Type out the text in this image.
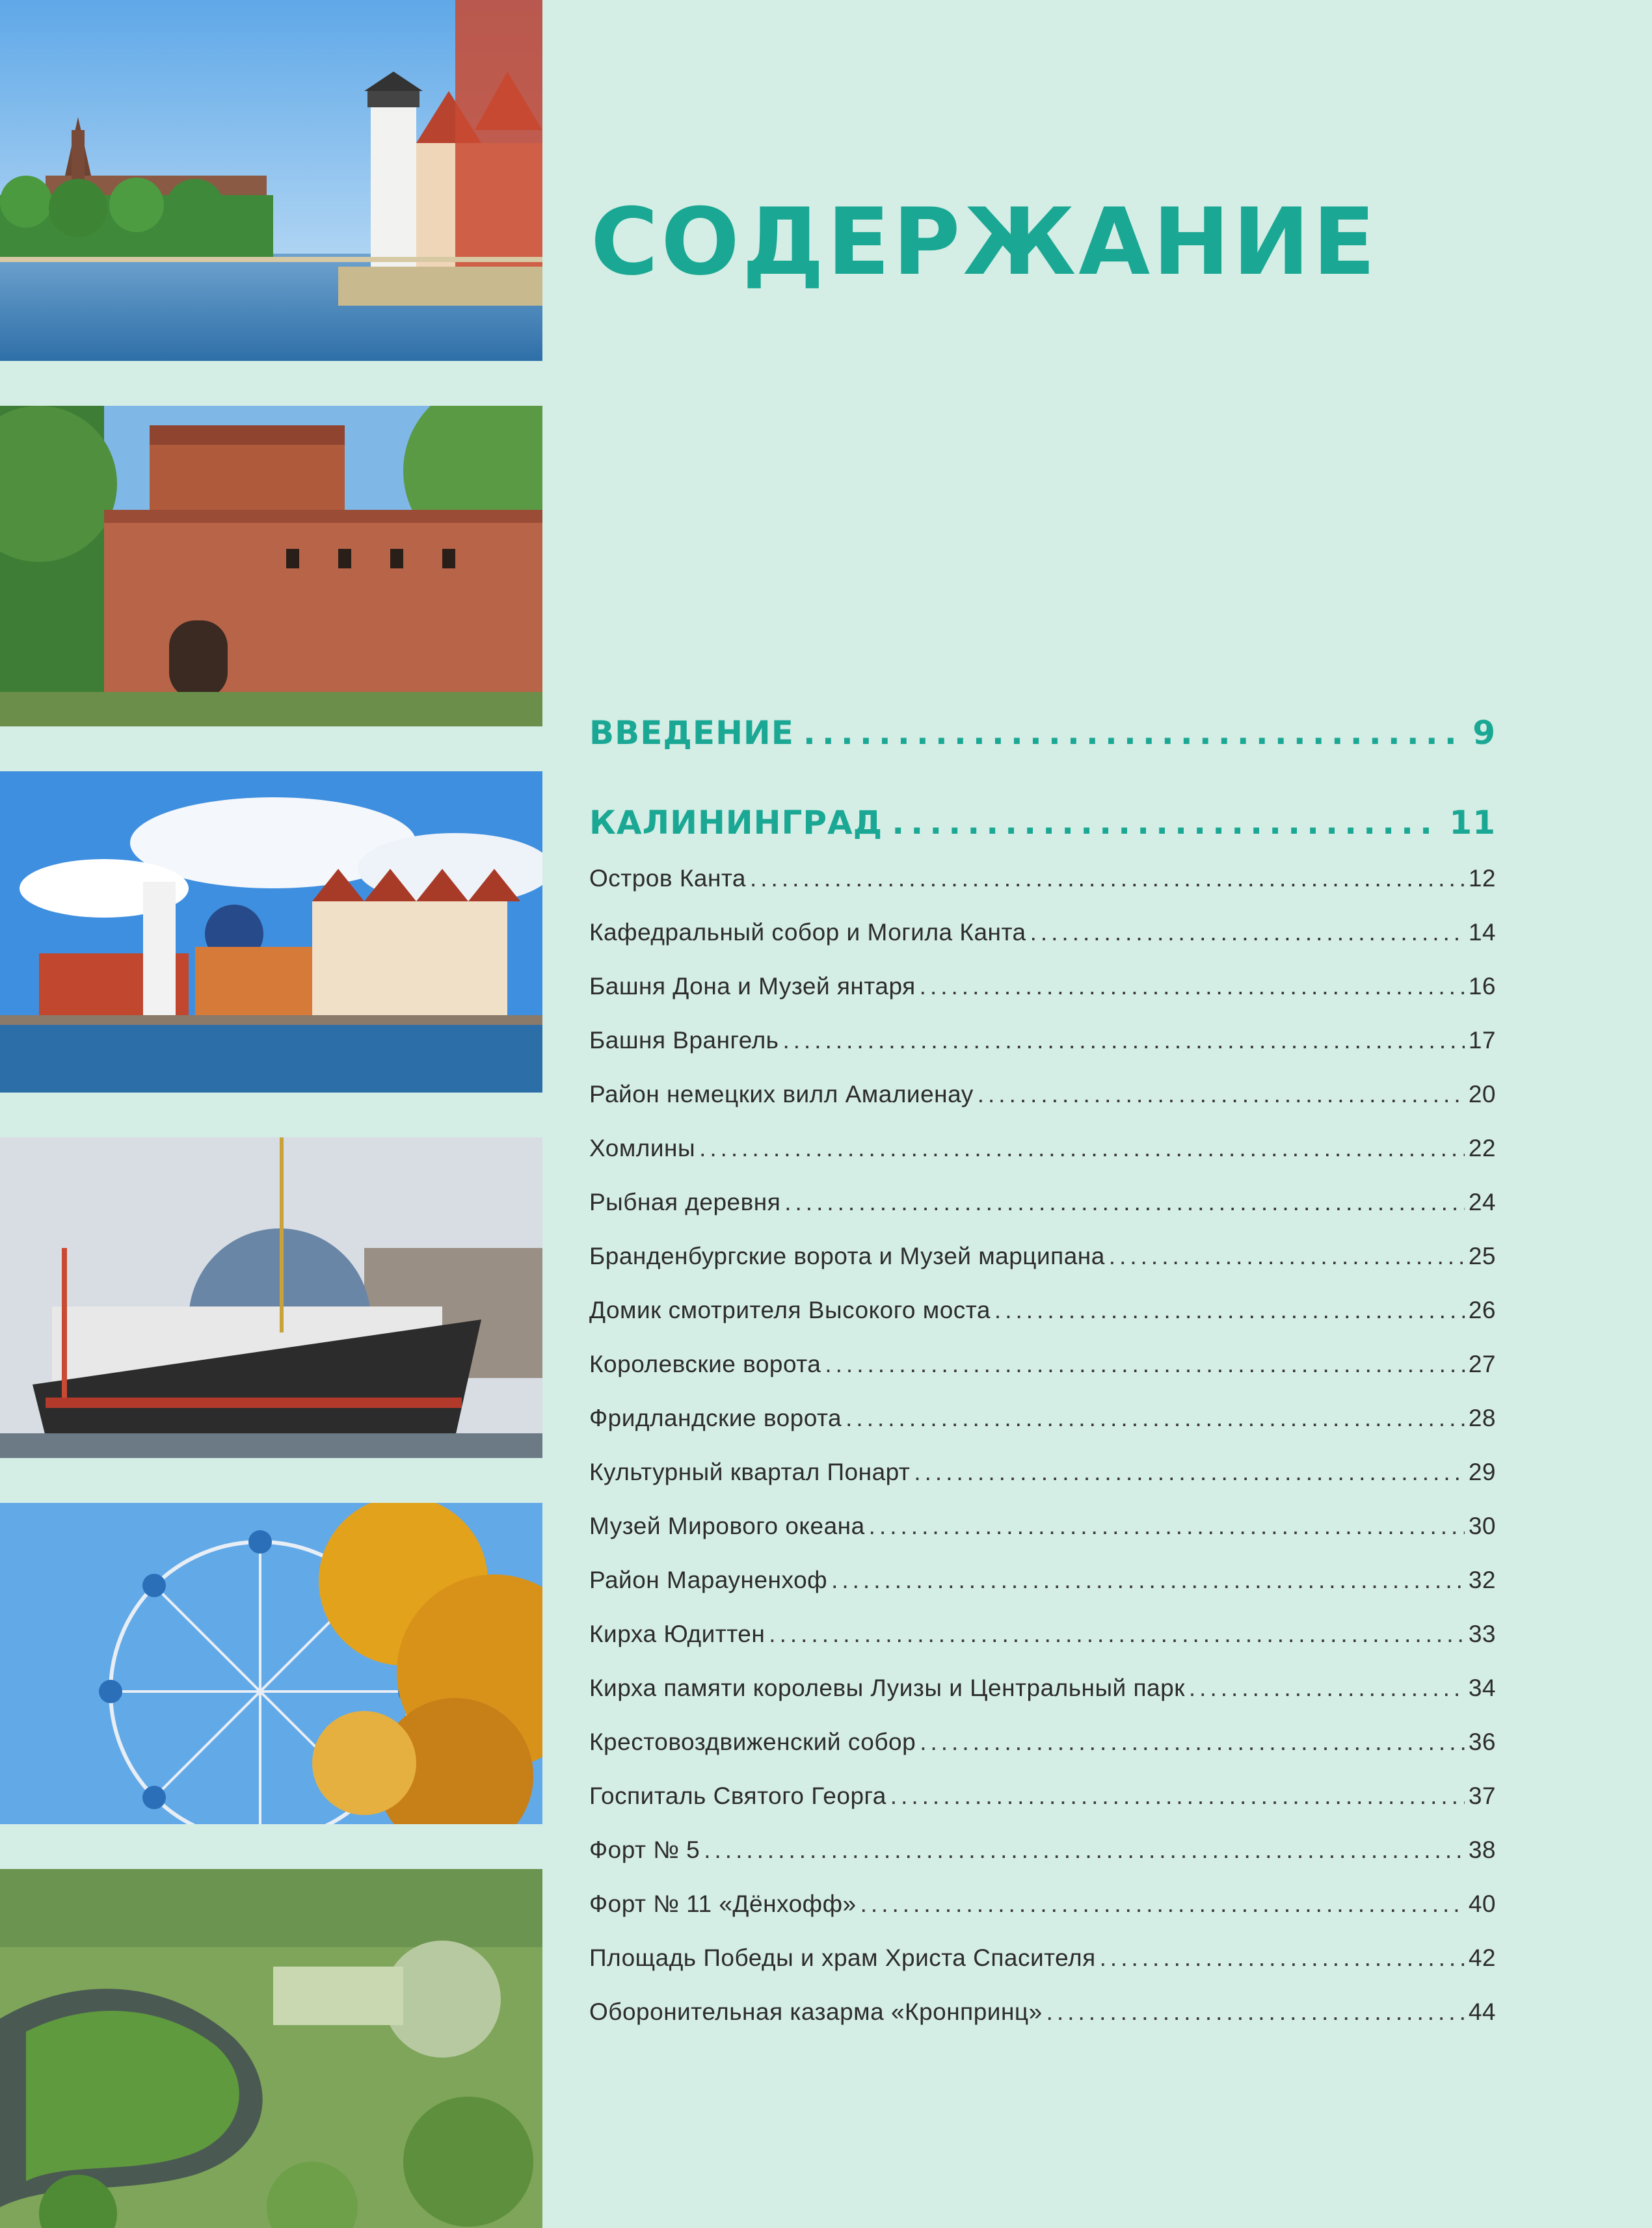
СОДЕРЖАНИЕ
ВВЕДЕНИЕ .....	9
КАЛИНИНГРАД .....	11
Остров Канта .....	12
Кафедральный собор и Могила Канта .....	14
Башня Дона и Музей янтаря .....	16
Башня Врангель .....	17
Район немецких вилл Амалиенау .....	20
Хомлины .....	22
Рыбная деревня .....	24
Бранденбургские ворота и Музей марципана .....	25
Домик смотрителя Высокого моста .....	26
Королевские ворота .....	27
Фридландские ворота .....	28
Культурный квартал Понарт .....	29
Музей Мирового океана .....	30
Район Марауненхоф .....	32
Кирха Юдиттен .....	33
Кирха памяти королевы Луизы и Центральный парк .....	34
Крестовоздвиженский собор .....	36
Госпиталь Святого Георга .....	37
Форт № 5 .....	38
Форт № 11 «Дёнхофф» .....	40
Площадь Победы и храм Христа Спасителя .....	42
Оборонительная казарма «Кронпринц» .....	44
